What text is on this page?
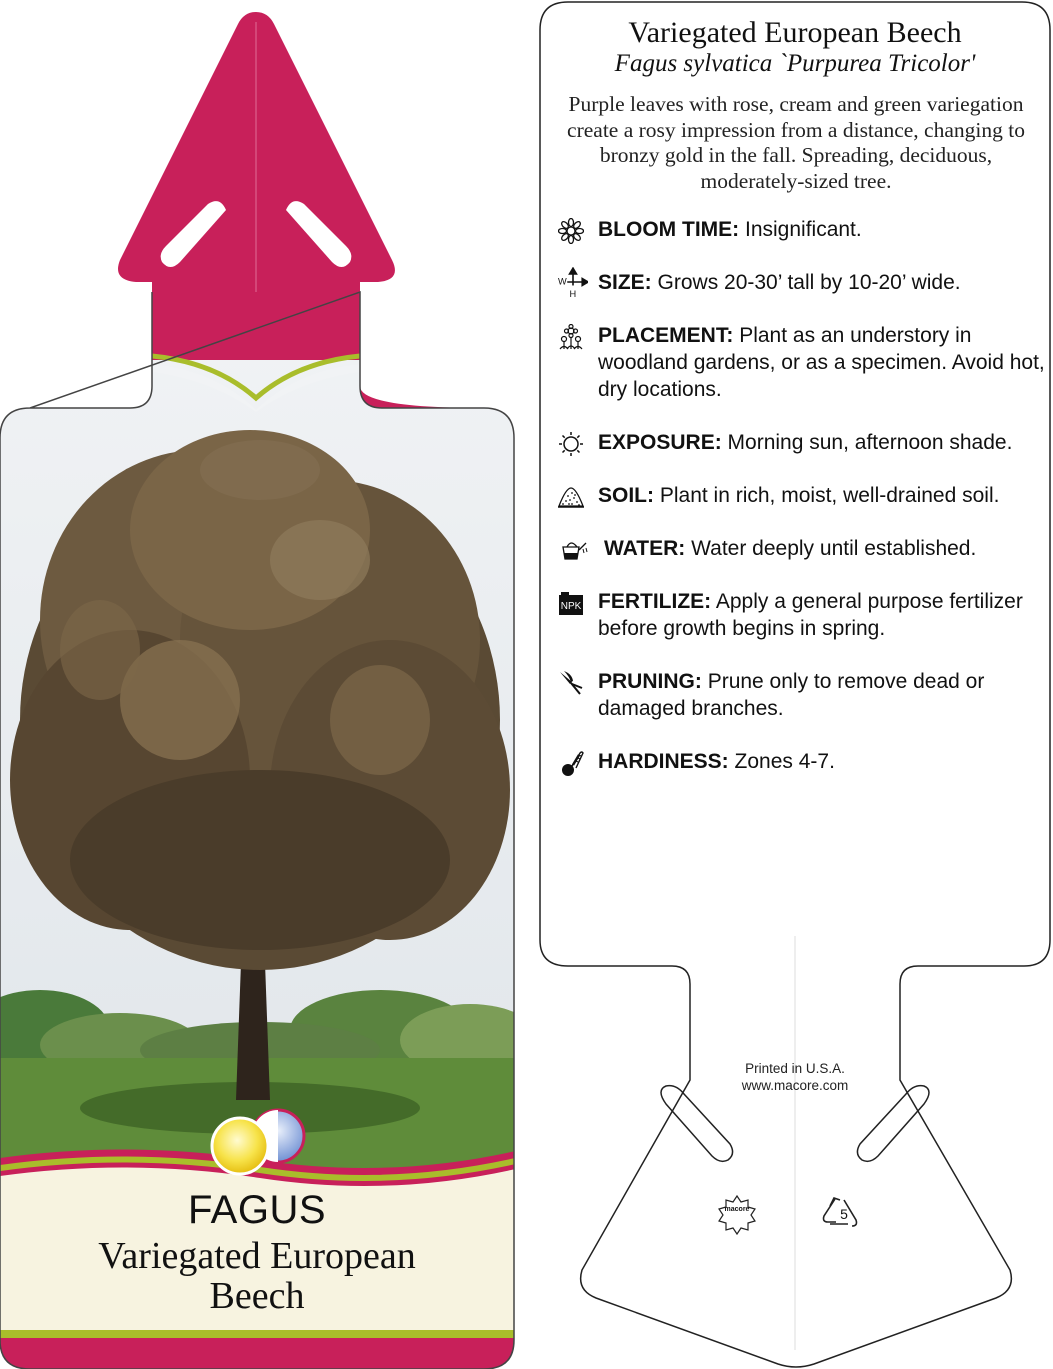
FAGUS
Variegated European
Beech
Variegated European Beech
Fagus sylvatica `Purpurea Tricolor'
Purple leaves with rose, cream and green variegation create a rosy impression from a distance, changing to bronzy gold in the fall. Spreading, deciduous, moderately-sized tree.
BLOOM TIME: Insignificant.
W
H SIZE: Grows 20-30’ tall by 10-20’ wide.
PLACEMENT: Plant as an understory in woodland gardens, or as a specimen. Avoid hot, dry locations.
EXPOSURE: Morning sun, afternoon shade.
SOIL: Plant in rich, moist, well-drained soil.
WATER: Water deeply until established.
NPK FERTILIZE: Apply a general purpose fertilizer before growth begins in spring.
PRUNING: Prune only to remove dead or damaged branches.
HARDINESS: Zones 4-7.
Printed in U.S.A.
www.macore.com
macore	5
